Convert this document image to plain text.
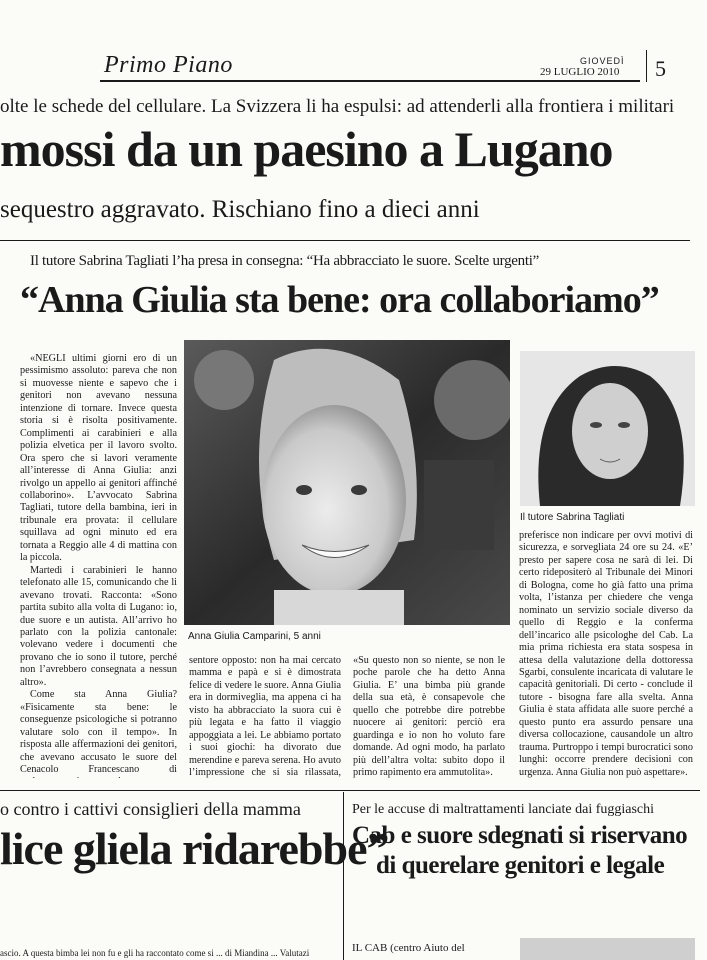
Primo Piano	GIOVEDÌ
29 LUGLIO 2010 5
olte le schede del cellulare. La Svizzera li ha espulsi: ad attenderli alla frontiera i militari
mossi da un paesino a Lugano
sequestro aggravato. Rischiano fino a dieci anni
Il tutore Sabrina Tagliati l’ha presa in consegna: “Ha abbracciato le suore. Scelte urgenti”
“Anna Giulia sta bene: ora collaboriamo”
Anna Giulia Camparini, 5 anni
Il tutore Sabrina Tagliati

«NEGLI ultimi giorni ero di un pessimismo assoluto: pareva che non si muovesse niente e sapevo che i genitori non avevano nessuna intenzione di tornare. Invece questa storia si è risolta positivamente. Complimenti ai carabinieri e alla polizia elvetica per il lavoro svolto. Ora spero che si lavori veramente all’interesse di Anna Giulia: anzi rivolgo un appello ai genitori affinché collaborino». L’avvocato Sabrina Tagliati, tutore della bambina, ieri in tribunale era provata: il cellulare squillava ad ogni minuto ed era tornata a Reggio alle 4 di mattina con la piccola.

Martedì i carabinieri le hanno telefonato alle 15, comunicando che li avevano trovati. Racconta: «Sono partita subito alla volta di Lugano: io, due suore e un autista. All’arrivo ho parlato con la polizia cantonale: volevano vedere i documenti che provano che io sono il tutore, perché non l’avrebbero consegnata a nessun altro».

Come sta Anna Giulia? «Fisicamente sta bene: le conseguenze psicologiche si potranno valutare solo con il tempo». In risposta alle affermazioni dei genitori, che avevano accusato le suore del Cenacolo Francescano di

sentore opposto: non ha mai cercato mamma e papà e si è dimostrata felice di vedere le suore. Anna Giulia era in dormiveglia, ma appena ci ha visto ha abbracciato la suora cui è più legata e ha fatto il viaggio appoggiata a lei. Le abbiamo portato i suoi giochi: ha divorato due merendine e pareva serena. Ho avuto l’impressione che si sia rilassata,

«Su questo non so niente, se non le poche parole che ha detto Anna Giulia. E’ una bimba più grande della sua età, è consapevole che quello che potrebbe dire potrebbe nuocere ai genitori: perciò era guardinga e io non ho voluto fare domande. Ad ogni modo, ha parlato più dell’altra volta: subito dopo il primo rapimento era ammutolita».

preferisce non indicare per ovvi motivi di sicurezza, e sorvegliata 24 ore su 24. «E’ presto per sapere cosa ne sarà di lei. Di certo ridepositerò al Tribunale dei Minori di Bologna, come ho già fatto una prima volta, l’istanza per chiedere che venga nominato un servizio sociale diverso da quello di Reggio e la conferma dell’incarico alle psicologhe del Cab. La mia prima richiesta era stata sospesa in attesa della valutazione della dottoressa Sgarbi, consulente incaricata di valutare le capacità genitoriali. Di certo - conclude il tutore - bisogna fare alla svelta. Anna Giulia è stata affidata alle suore perché a questo punto era assurdo pensare una diversa collocazione, causandole un altro trauma. Purtroppo i tempi burocratici sono lunghi: occorre prendere decisioni con urgenza. Anna Giulia non può aspettare».

o contro i cattivi consiglieri della mamma
lice gliela ridarebbe”
ascio. A questa bimba lei non fu e gli ha raccontato come si ... di Miandina ... Valutazi
Per le accuse di maltrattamenti lanciate dai fuggiaschi
Cab e suore sdegnati si riservano
di querelare genitori e legale
IL CAB (centro Aiuto del
